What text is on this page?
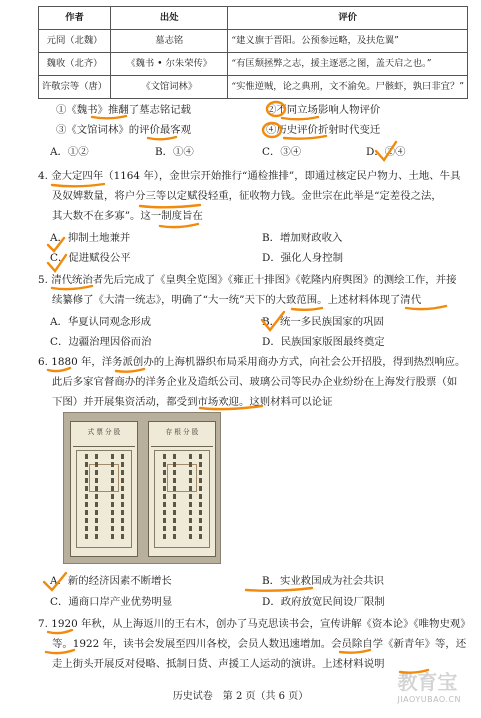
作者	出处	评价
元冏（北魏）	墓志铭	“建义旗于晋阳。公预参远略，及扶危翼”
魏收（北齐）	《魏书 • 尔朱荣传》	“有匡颓拯弊之志，援主逐恶之图，盖天启之也。”
许敬宗等（唐）	《文馆词林》	“实惟逆贼，论之典刑，文不渝免。尸骸虾，孰曰非宜？”
①《魏书》推翻了墓志铭记载	②不同立场影响人物评价
③《文馆词林》的评价最客观	④历史评价折射时代变迁
A．①②	B．①④	C．③④	D．②④
4. 金大定四年（1164 年），金世宗开始推行“通检推排”，即通过核定民户物力、土地、牛具
及奴婢数量，将户分三等以定赋役轻重，征收物力钱。金世宗在此举是“定差役之法，
其大数不在多寡”。这一制度旨在
A．抑制土地兼并	B．增加财政收入
C．促进赋役公平	D．强化人身控制
5. 清代统治者先后完成了《皇舆全览图》《雍正十排图》《乾隆内府舆图》的测绘工作，并接
续纂修了《大清一统志》，明确了“大一统”天下的大致范围。上述材料体现了清代
A．华夏认同观念形成	B．统一多民族国家的巩固
C．边疆治理因俗而治	D．民族国家版图最终奠定
6. 1880 年，洋务派创办的上海机器织布局采用商办方式，向社会公开招股，得到热烈响应。
此后多家官督商办的洋务企业及造纸公司、玻璃公司等民办企业纷纷在上海发行股票（如
下图）并开展集资活动，都受到市场欢迎。这则材料可以论证
式 票 分 股	存 根 分 股
A．新的经济因素不断增长	B．实业救国成为社会共识
C．通商口岸产业优势明显	D．政府放宽民间设厂限制
7. 1920 年秋，从上海返川的王右木，创办了马克思读书会，宣传讲解《资本论》《唯物史观》
等。1922 年，读书会发展至四川各校，会员人数迅速增加。会员除自学《新青年》等，还
走上街头开展反对侵略、抵制日货、声援工人运动的演讲。上述材料说明
历史试卷　第 2 页（共 6 页）
教育宝
JIAOYUBAO.CN
